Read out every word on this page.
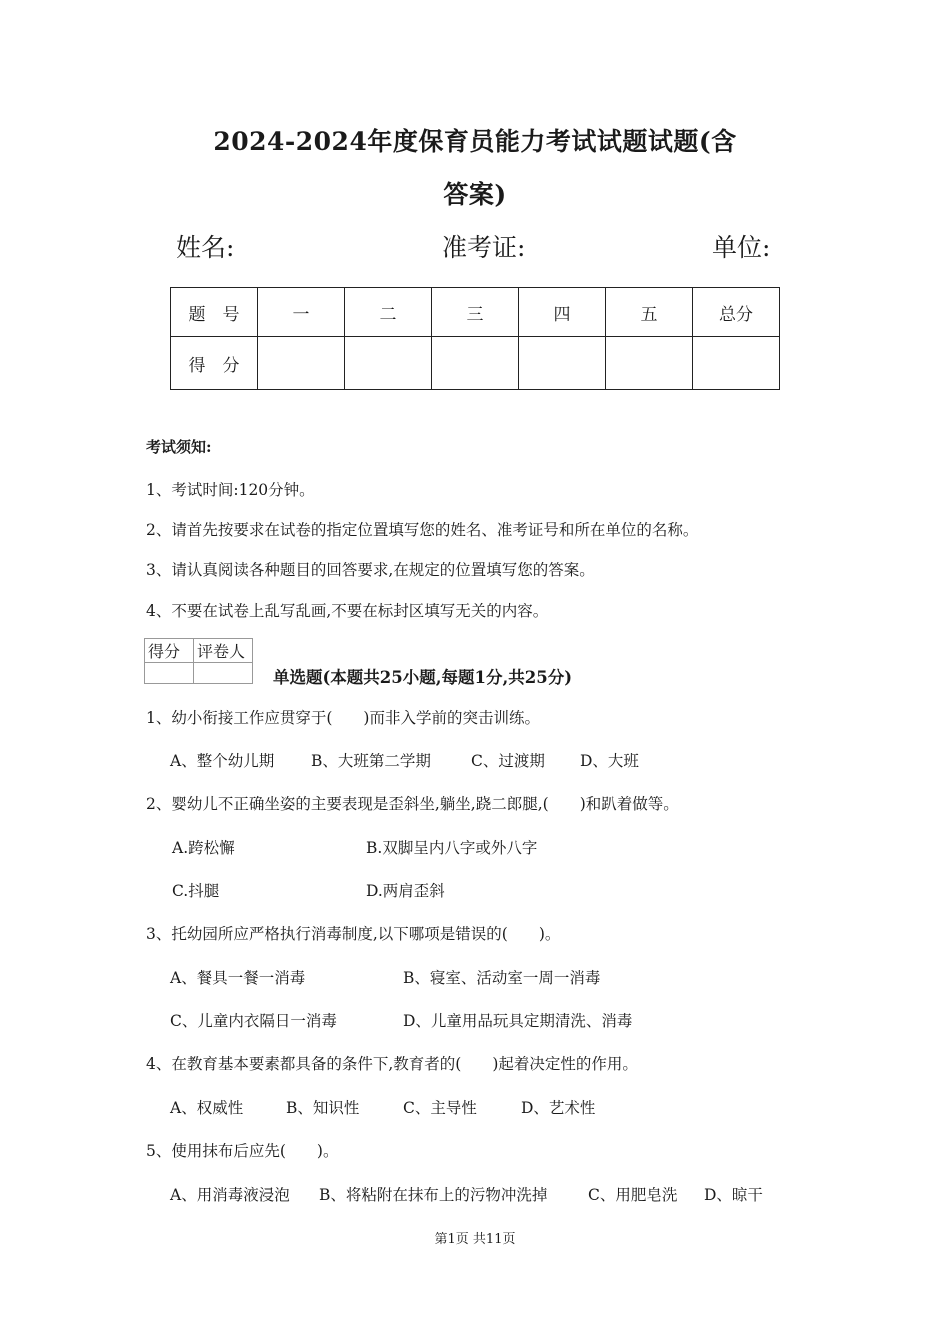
2024-2024年度保育员能力考试试题试题(含
答案)
姓名:	准考证:	单位:
题　号	一	二	三	四	五	总分
得　分						
考试须知:
1、考试时间:120分钟。
2、请首先按要求在试卷的指定位置填写您的姓名、准考证号和所在单位的名称。
3、请认真阅读各种题目的回答要求,在规定的位置填写您的答案。
4、不要在试卷上乱写乱画,不要在标封区填写无关的内容。
得分	评卷人

单选题(本题共25小题,每题1分,共25分)
1、幼小衔接工作应贯穿于(　　)而非入学前的突击训练。
A、整个幼儿期 B、大班第二学期	C、过渡期 D、大班
2、婴幼儿不正确坐姿的主要表现是歪斜坐,躺坐,跷二郎腿,(　　)和趴着做等。
A.跨松懈	B.双脚呈内八字或外八字
C.抖腿	D.两肩歪斜
3、托幼园所应严格执行消毒制度,以下哪项是错误的(　　)。
A、餐具一餐一消毒	B、寝室、活动室一周一消毒
C、儿童内衣隔日一消毒	D、儿童用品玩具定期清洗、消毒
4、在教育基本要素都具备的条件下,教育者的(　　)起着决定性的作用。
A、权威性	B、知识性	C、主导性	D、艺术性
5、使用抹布后应先(　　)。
A、用消毒液浸泡 B、将粘附在抹布上的污物冲洗掉	C、用肥皂洗 D、晾干
第1页 共11页
